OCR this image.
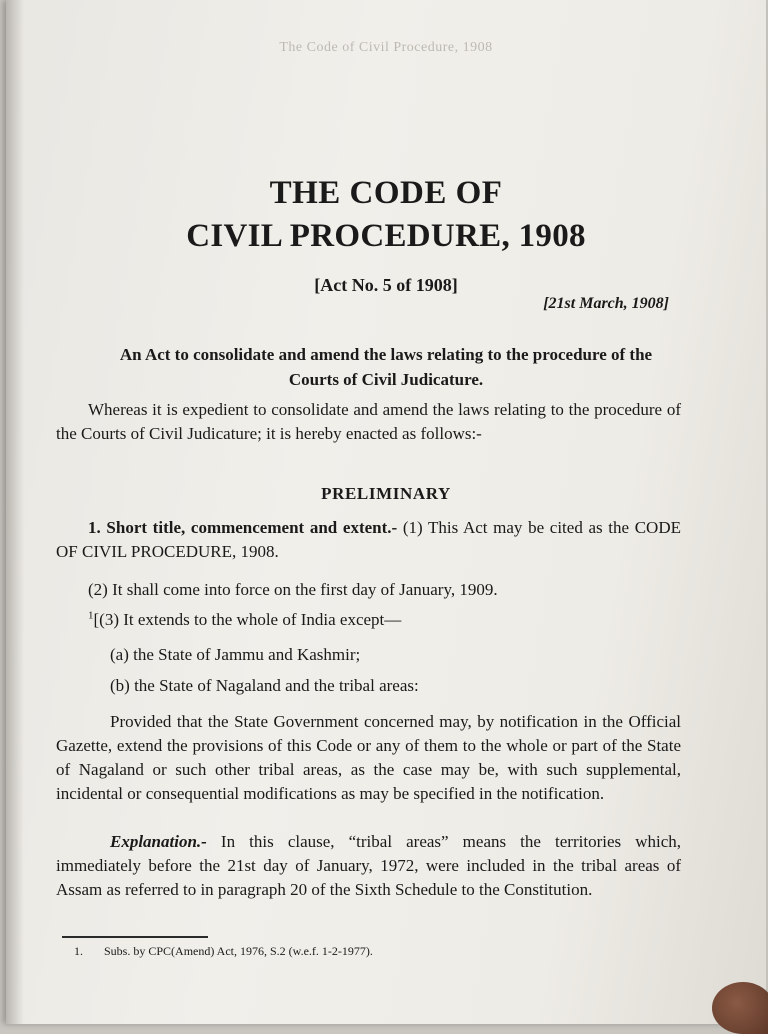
The Code of Civil Procedure, 1908
THE CODE OF
CIVIL PROCEDURE, 1908
[Act No. 5 of 1908]
[21st March, 1908]
An Act to consolidate and amend the laws relating to the procedure of the Courts of Civil Judicature.
Whereas it is expedient to consolidate and amend the laws relating to the procedure of the Courts of Civil Judicature; it is hereby enacted as follows:-
PRELIMINARY
1. Short title, commencement and extent.- (1) This Act may be cited as the CODE OF CIVIL PROCEDURE, 1908.
(2) It shall come into force on the first day of January, 1909.
$^1$[(3) It extends to the whole of India except—
(a) the State of Jammu and Kashmir;
(b) the State of Nagaland and the tribal areas:
Provided that the State Government concerned may, by notification in the Official Gazette, extend the provisions of this Code or any of them to the whole or part of the State of Nagaland or such other tribal areas, as the case may be, with such supplemental, incidental or consequential modifications as may be specified in the notification.
Explanation.- In this clause, “tribal areas” means the territories which, immediately before the 21st day of January, 1972, were included in the tribal areas of Assam as referred to in paragraph 20 of the Sixth Schedule to the Constitution.
1. Subs. by CPC(Amend) Act, 1976, S.2 (w.e.f. 1-2-1977).
